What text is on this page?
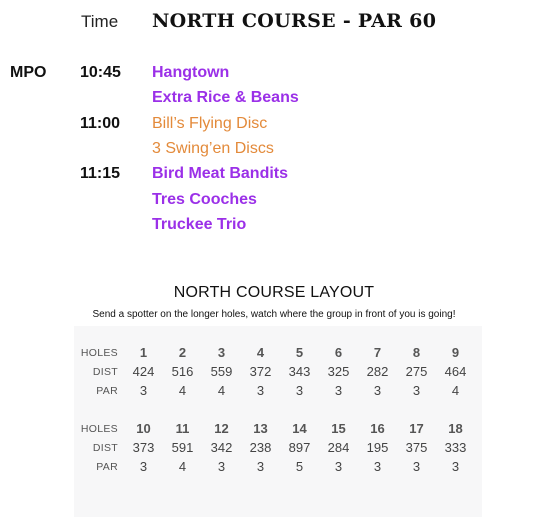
Time NORTH COURSE - PAR 60
MPO 10:45 Hangtown
Extra Rice & Beans
11:00 Bill’s Flying Disc
3 Swing’en Discs
11:15 Bird Meat Bandits
Tres Cooches
Truckee Trio
NORTH COURSE LAYOUT
Send a spotter on the longer holes, watch where the group in front of you is going!
HOLES	1	2	3	4	5	6	7	8	9
DIST	424	516	559	372	343	325	282	275	464
PAR	3	4	4	3	3	3	3	3	4
HOLES	10	11	12	13	14	15	16	17	18
DIST	373	591	342	238	897	284	195	375	333
PAR	3	4	3	3	5	3	3	3	3
